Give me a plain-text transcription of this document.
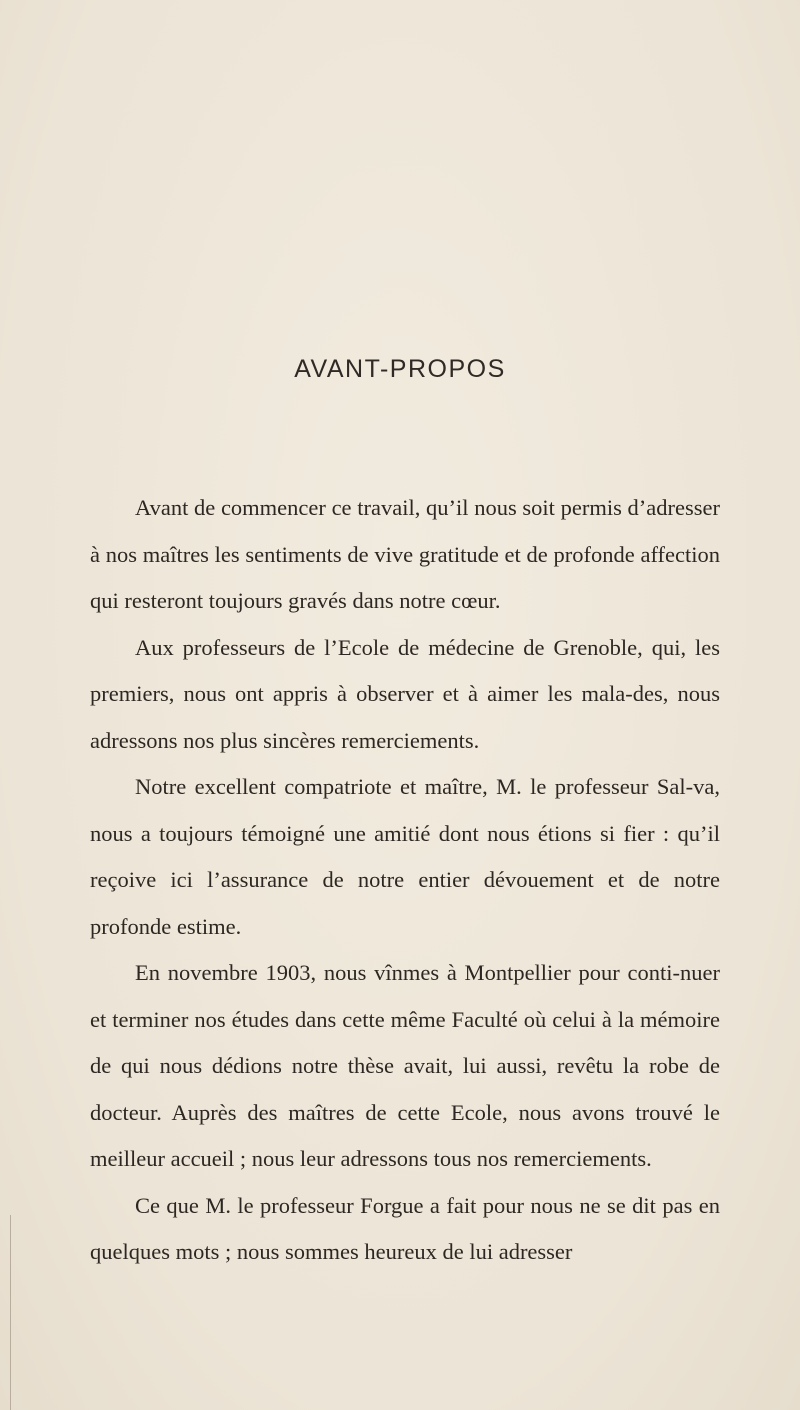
AVANT-PROPOS

Avant de commencer ce travail, qu’il nous soit permis d’adresser à nos maîtres les sentiments de vive gratitude et de profonde affection qui resteront toujours gravés dans notre cœur.

Aux professeurs de l’Ecole de médecine de Grenoble, qui, les premiers, nous ont appris à observer et à aimer les mala-des, nous adressons nos plus sincères remerciements.

Notre excellent compatriote et maître, M. le professeur Sal-va, nous a toujours témoigné une amitié dont nous étions si fier : qu’il reçoive ici l’assurance de notre entier dévouement et de notre profonde estime.

En novembre 1903, nous vînmes à Montpellier pour conti-nuer et terminer nos études dans cette même Faculté où celui à la mémoire de qui nous dédions notre thèse avait, lui aussi, revêtu la robe de docteur. Auprès des maîtres de cette Ecole, nous avons trouvé le meilleur accueil ; nous leur adressons tous nos remerciements.

Ce que M. le professeur Forgue a fait pour nous ne se dit pas en quelques mots ; nous sommes heureux de lui adresser
